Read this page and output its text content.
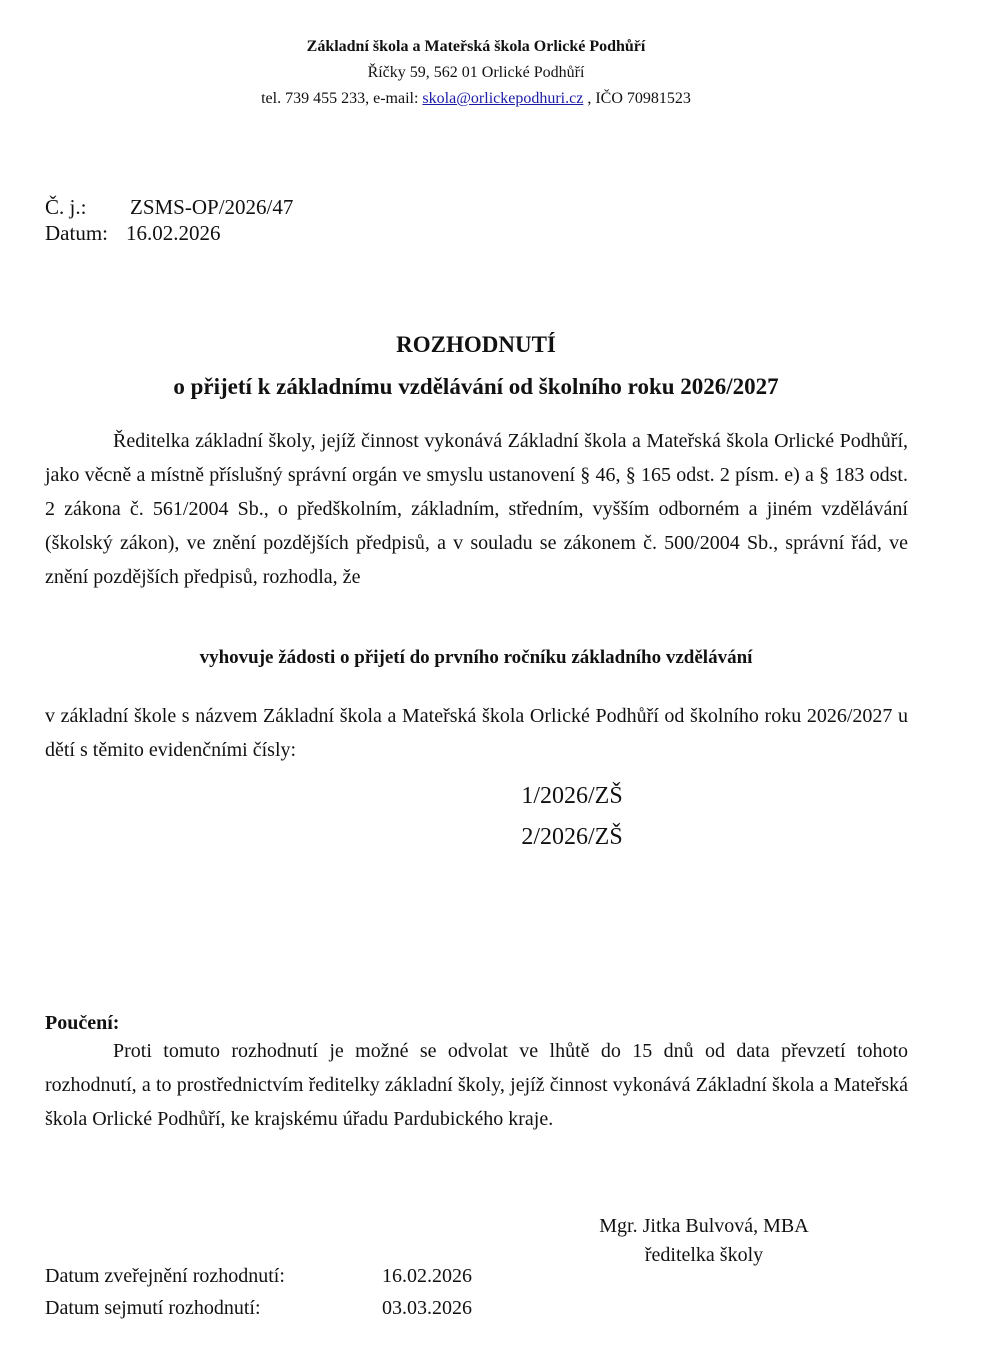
Základní škola a Mateřská škola Orlické Podhůří
Říčky 59, 562 01 Orlické Podhůří
tel. 739 455 233, e-mail: skola@orlickepodhuri.cz , IČO 70981523
Č. j.: ZSMS-OP/2026/47
Datum: 16.02.2026
ROZHODNUTÍ
o přijetí k základnímu vzdělávání od školního roku 2026/2027
Ředitelka základní školy, jejíž činnost vykonává Základní škola a Mateřská škola Orlické Podhůří, jako věcně a místně příslušný správní orgán ve smyslu ustanovení § 46, § 165 odst. 2 písm. e) a § 183 odst. 2 zákona č. 561/2004 Sb., o předškolním, základním, středním, vyšším odborném a jiném vzdělávání (školský zákon), ve znění pozdějších předpisů, a v souladu se zákonem č. 500/2004 Sb., správní řád, ve znění pozdějších předpisů, rozhodla, že
vyhovuje žádosti o přijetí do prvního ročníku základního vzdělávání
v základní škole s názvem Základní škola a Mateřská škola Orlické Podhůří od školního roku 2026/2027 u dětí s těmito evidenčními čísly:
1/2026/ZŠ
2/2026/ZŠ
Poučení:
Proti tomuto rozhodnutí je možné se odvolat ve lhůtě do 15 dnů od data převzetí tohoto rozhodnutí, a to prostřednictvím ředitelky základní školy, jejíž činnost vykonává Základní škola a Mateřská škola Orlické Podhůří, ke krajskému úřadu Pardubického kraje.
Mgr. Jitka Bulvová, MBA
ředitelka školy
Datum zveřejnění rozhodnutí:	16.02.2026
Datum sejmutí rozhodnutí:	03.03.2026
